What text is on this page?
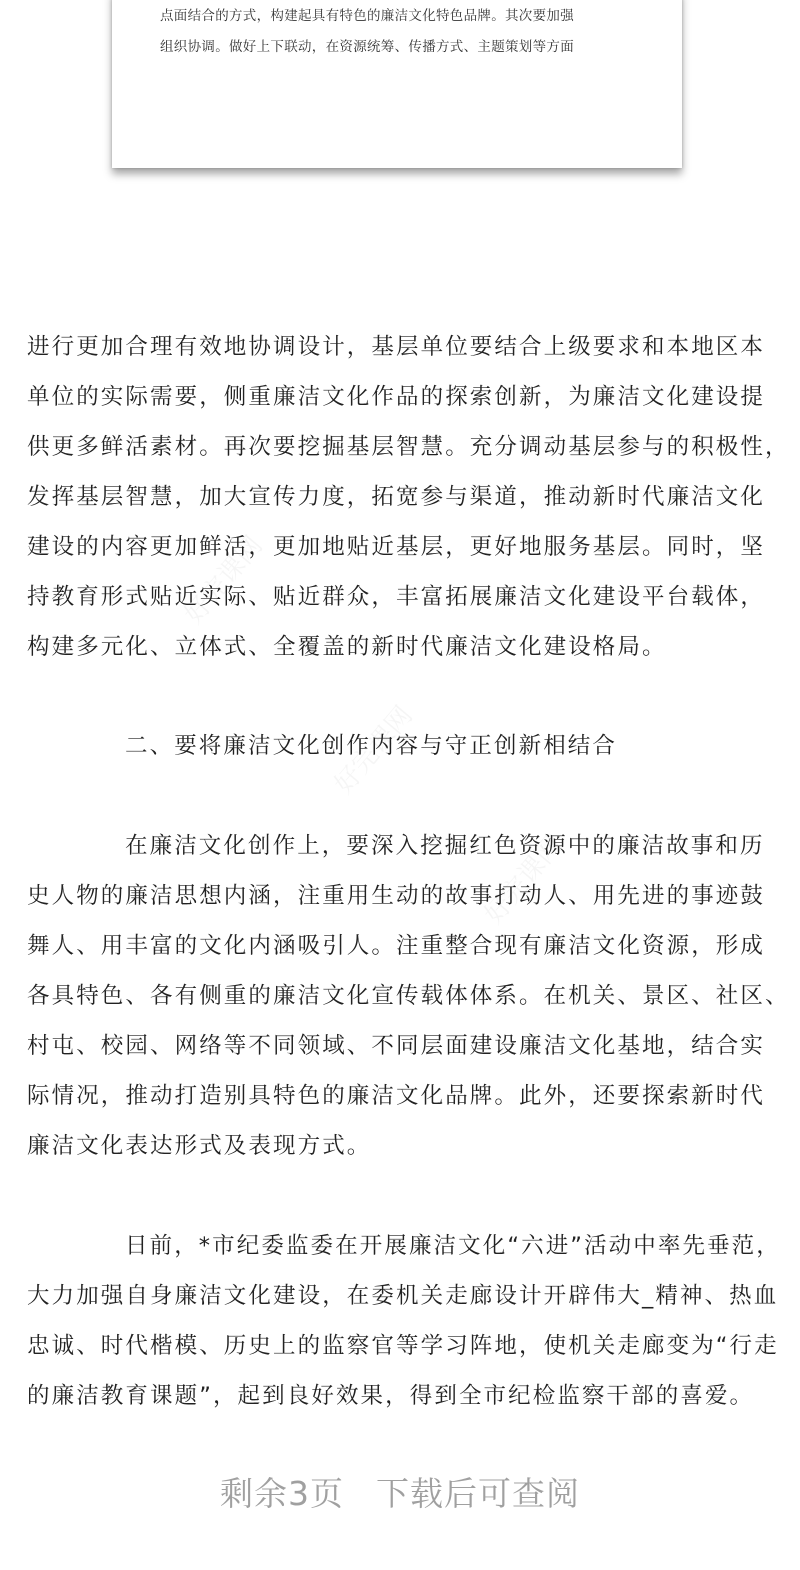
点面结合的方式，构建起具有特色的廉洁文化特色品牌。其次要加强
组织协调。做好上下联动，在资源统筹、传播方式、主题策划等方面
进行更加合理有效地协调设计，基层单位要结合上级要求和本地区本
单位的实际需要，侧重廉洁文化作品的探索创新，为廉洁文化建设提
供更多鲜活素材。再次要挖掘基层智慧。充分调动基层参与的积极性，
发挥基层智慧，加大宣传力度，拓宽参与渠道，推动新时代廉洁文化
建设的内容更加鲜活，更加地贴近基层，更好地服务基层。同时，坚
持教育形式贴近实际、贴近群众，丰富拓展廉洁文化建设平台载体，
构建多元化、立体式、全覆盖的新时代廉洁文化建设格局。
二、要将廉洁文化创作内容与守正创新相结合
在廉洁文化创作上，要深入挖掘红色资源中的廉洁故事和历
史人物的廉洁思想内涵，注重用生动的故事打动人、用先进的事迹鼓
舞人、用丰富的文化内涵吸引人。注重整合现有廉洁文化资源，形成
各具特色、各有侧重的廉洁文化宣传载体体系。在机关、景区、社区、
村屯、校园、网络等不同领域、不同层面建设廉洁文化基地，结合实
际情况，推动打造别具特色的廉洁文化品牌。此外，还要探索新时代
廉洁文化表达形式及表现方式。
日前，*市纪委监委在开展廉洁文化“六进”活动中率先垂范，
大力加强自身廉洁文化建设，在委机关走廊设计开辟伟大_精神、热血
忠诚、时代楷模、历史上的监察官等学习阵地，使机关走廊变为“行走
的廉洁教育课题”，起到良好效果，得到全市纪检监察干部的喜爱。
剩余3页 下载后可查阅
